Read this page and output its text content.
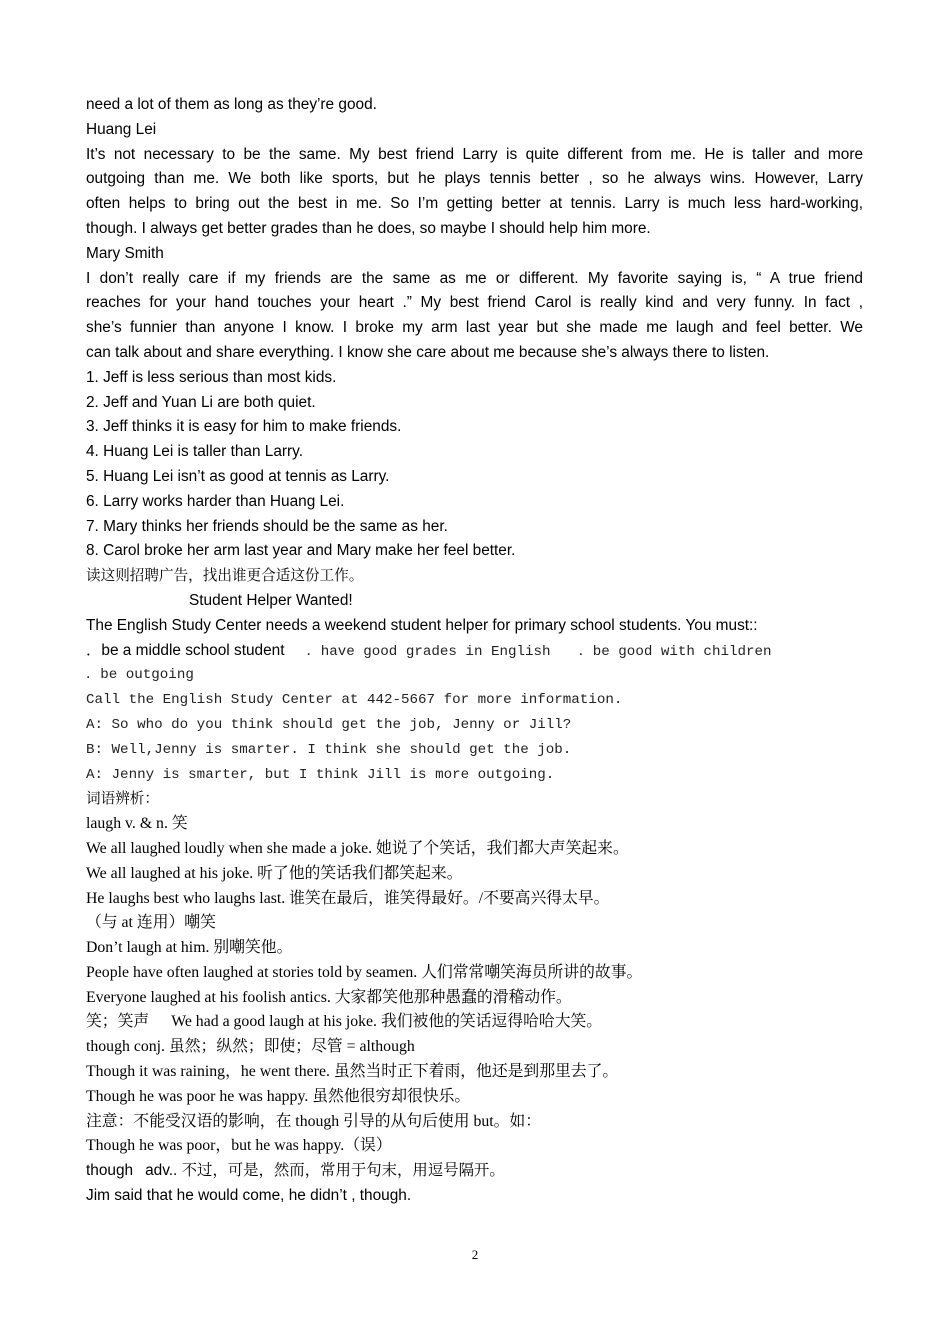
need a lot of them as long as they’re good.
Huang Lei
It’s not necessary to be the same. My best friend Larry is quite different from me. He is taller and more
outgoing than me. We both like sports, but he plays tennis better , so he always wins. However, Larry
often helps to bring out the best in me. So I’m getting better at tennis. Larry is much less hard-working,
though. I always get better grades than he does, so maybe I should help him more.
Mary Smith
I don’t really care if my friends are the same as me or different. My favorite saying is, “ A true friend
reaches for your hand touches your heart .” My best friend Carol is really kind and very funny. In fact ,
she’s funnier than anyone I know. I broke my arm last year but she made me laugh and feel better. We
can talk about and share everything. I know she care about me because she’s always there to listen.
1. Jeff is less serious than most kids.
2. Jeff and Yuan Li are both quiet.
3. Jeff thinks it is easy for him to make friends.
4. Huang Lei is taller than Larry.
5. Huang Lei isn’t as good at tennis as Larry.
6. Larry works harder than Huang Lei.
7. Mary thinks her friends should be the same as her.
8. Carol broke her arm last year and Mary make her feel better.
读这则招聘广告，找出谁更合适这份工作。
Student Helper Wanted!
The English Study Center needs a weekend student helper for primary school students. You must::
．be a middle school student ．have good grades in English ．be good with children
．be outgoing
Call the English Study Center at 442-5667 for more information.
A: So who do you think should get the job, Jenny or Jill?
B: Well,Jenny is smarter. I think she should get the job.
A: Jenny is smarter, but I think Jill is more outgoing.
词语辨析：
laugh v. & n. 笑
We all laughed loudly when she made a joke. 她说了个笑话，我们都大声笑起来。
We all laughed at his joke. 听了他的笑话我们都笑起来。
He laughs best who laughs last. 谁笑在最后，谁笑得最好。/不要高兴得太早。
（与 at 连用）嘲笑
Don’t laugh at him. 别嘲笑他。
People have often laughed at stories told by seamen. 人们常常嘲笑海员所讲的故事。
Everyone laughed at his foolish antics. 大家都笑他那种愚蠢的滑稽动作。
笑；笑声 We had a good laugh at his joke. 我们被他的笑话逗得哈哈大笑。
though conj. 虽然；纵然；即使；尽管 = although
Though it was raining，he went there. 虽然当时正下着雨，他还是到那里去了。
Though he was poor he was happy. 虽然他很穷却很快乐。
注意：不能受汉语的影响，在 though 引导的从句后使用 but。如：
Though he was poor，but he was happy.（误）
though adv.. 不过，可是，然而，常用于句末，用逗号隔开。
Jim said that he would come, he didn’t , though.
2
